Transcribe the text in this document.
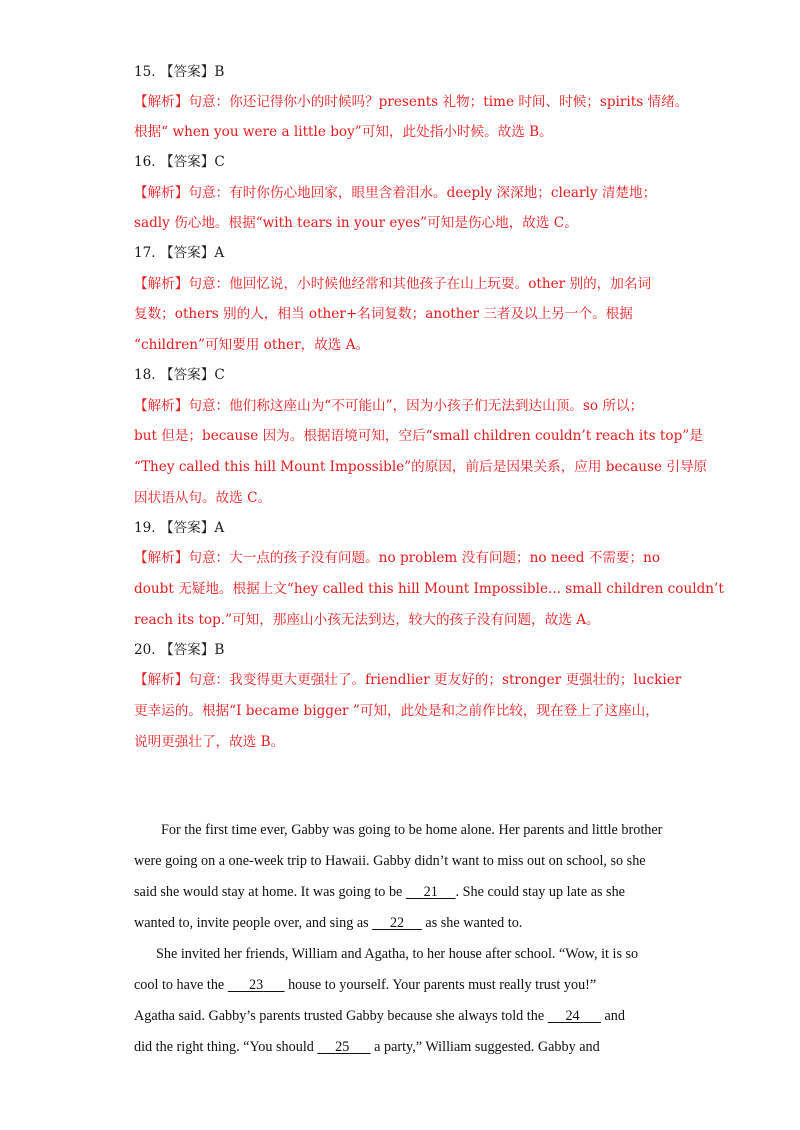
15. 【答案】B
【解析】句意：你还记得你小的时候吗？presents 礼物；time 时间、时候；spirits 情绪。
根据“ when you were a little boy”可知，此处指小时候。故选 B。
16. 【答案】C
【解析】句意：有时你伤心地回家，眼里含着泪水。deeply 深深地；clearly 清楚地；
sadly 伤心地。根据“with tears in your eyes”可知是伤心地，故选 C。
17. 【答案】A
【解析】句意：他回忆说，小时候他经常和其他孩子在山上玩耍。other 别的，加名词
复数；others 别的人，相当 other+名词复数；another 三者及以上另一个。根据
“children”可知要用 other，故选 A。
18. 【答案】C
【解析】句意：他们称这座山为“不可能山”，因为小孩子们无法到达山顶。so 所以；
but 但是；because 因为。根据语境可知，空后“small children couldn’t reach its top”是
“They called this hill Mount Impossible”的原因，前后是因果关系，应用 because 引导原
因状语从句。故选 C。
19. 【答案】A
【解析】句意：大一点的孩子没有问题。no problem 没有问题；no need 不需要；no
doubt 无疑地。根据上文“hey called this hill Mount Impossible... small children couldn’t
reach its top.”可知，那座山小孩无法到达，较大的孩子没有问题，故选 A。
20. 【答案】B
【解析】句意：我变得更大更强壮了。friendlier 更友好的；stronger 更强壮的；luckier
更幸运的。根据“I became bigger ”可知，此处是和之前作比较，现在登上了这座山，
说明更强壮了，故选 B。
For the first time ever, Gabby was going to be home alone. Her parents and little brother
were going on a one-week trip to Hawaii. Gabby didn’t want to miss out on school, so she
said she would stay at home. It was going to be      21 . She could stay up late as she
wanted to, invite people over, and sing as      22      as she wanted to.
She invited her friends, William and Agatha, to her house after school. “Wow, it is so
cool to have the       23       house to yourself. Your parents must really trust you!”
Agatha said. Gabby’s parents trusted Gabby because she always told the      24       and
did the right thing. “You should      25       a party,” William suggested. Gabby and
